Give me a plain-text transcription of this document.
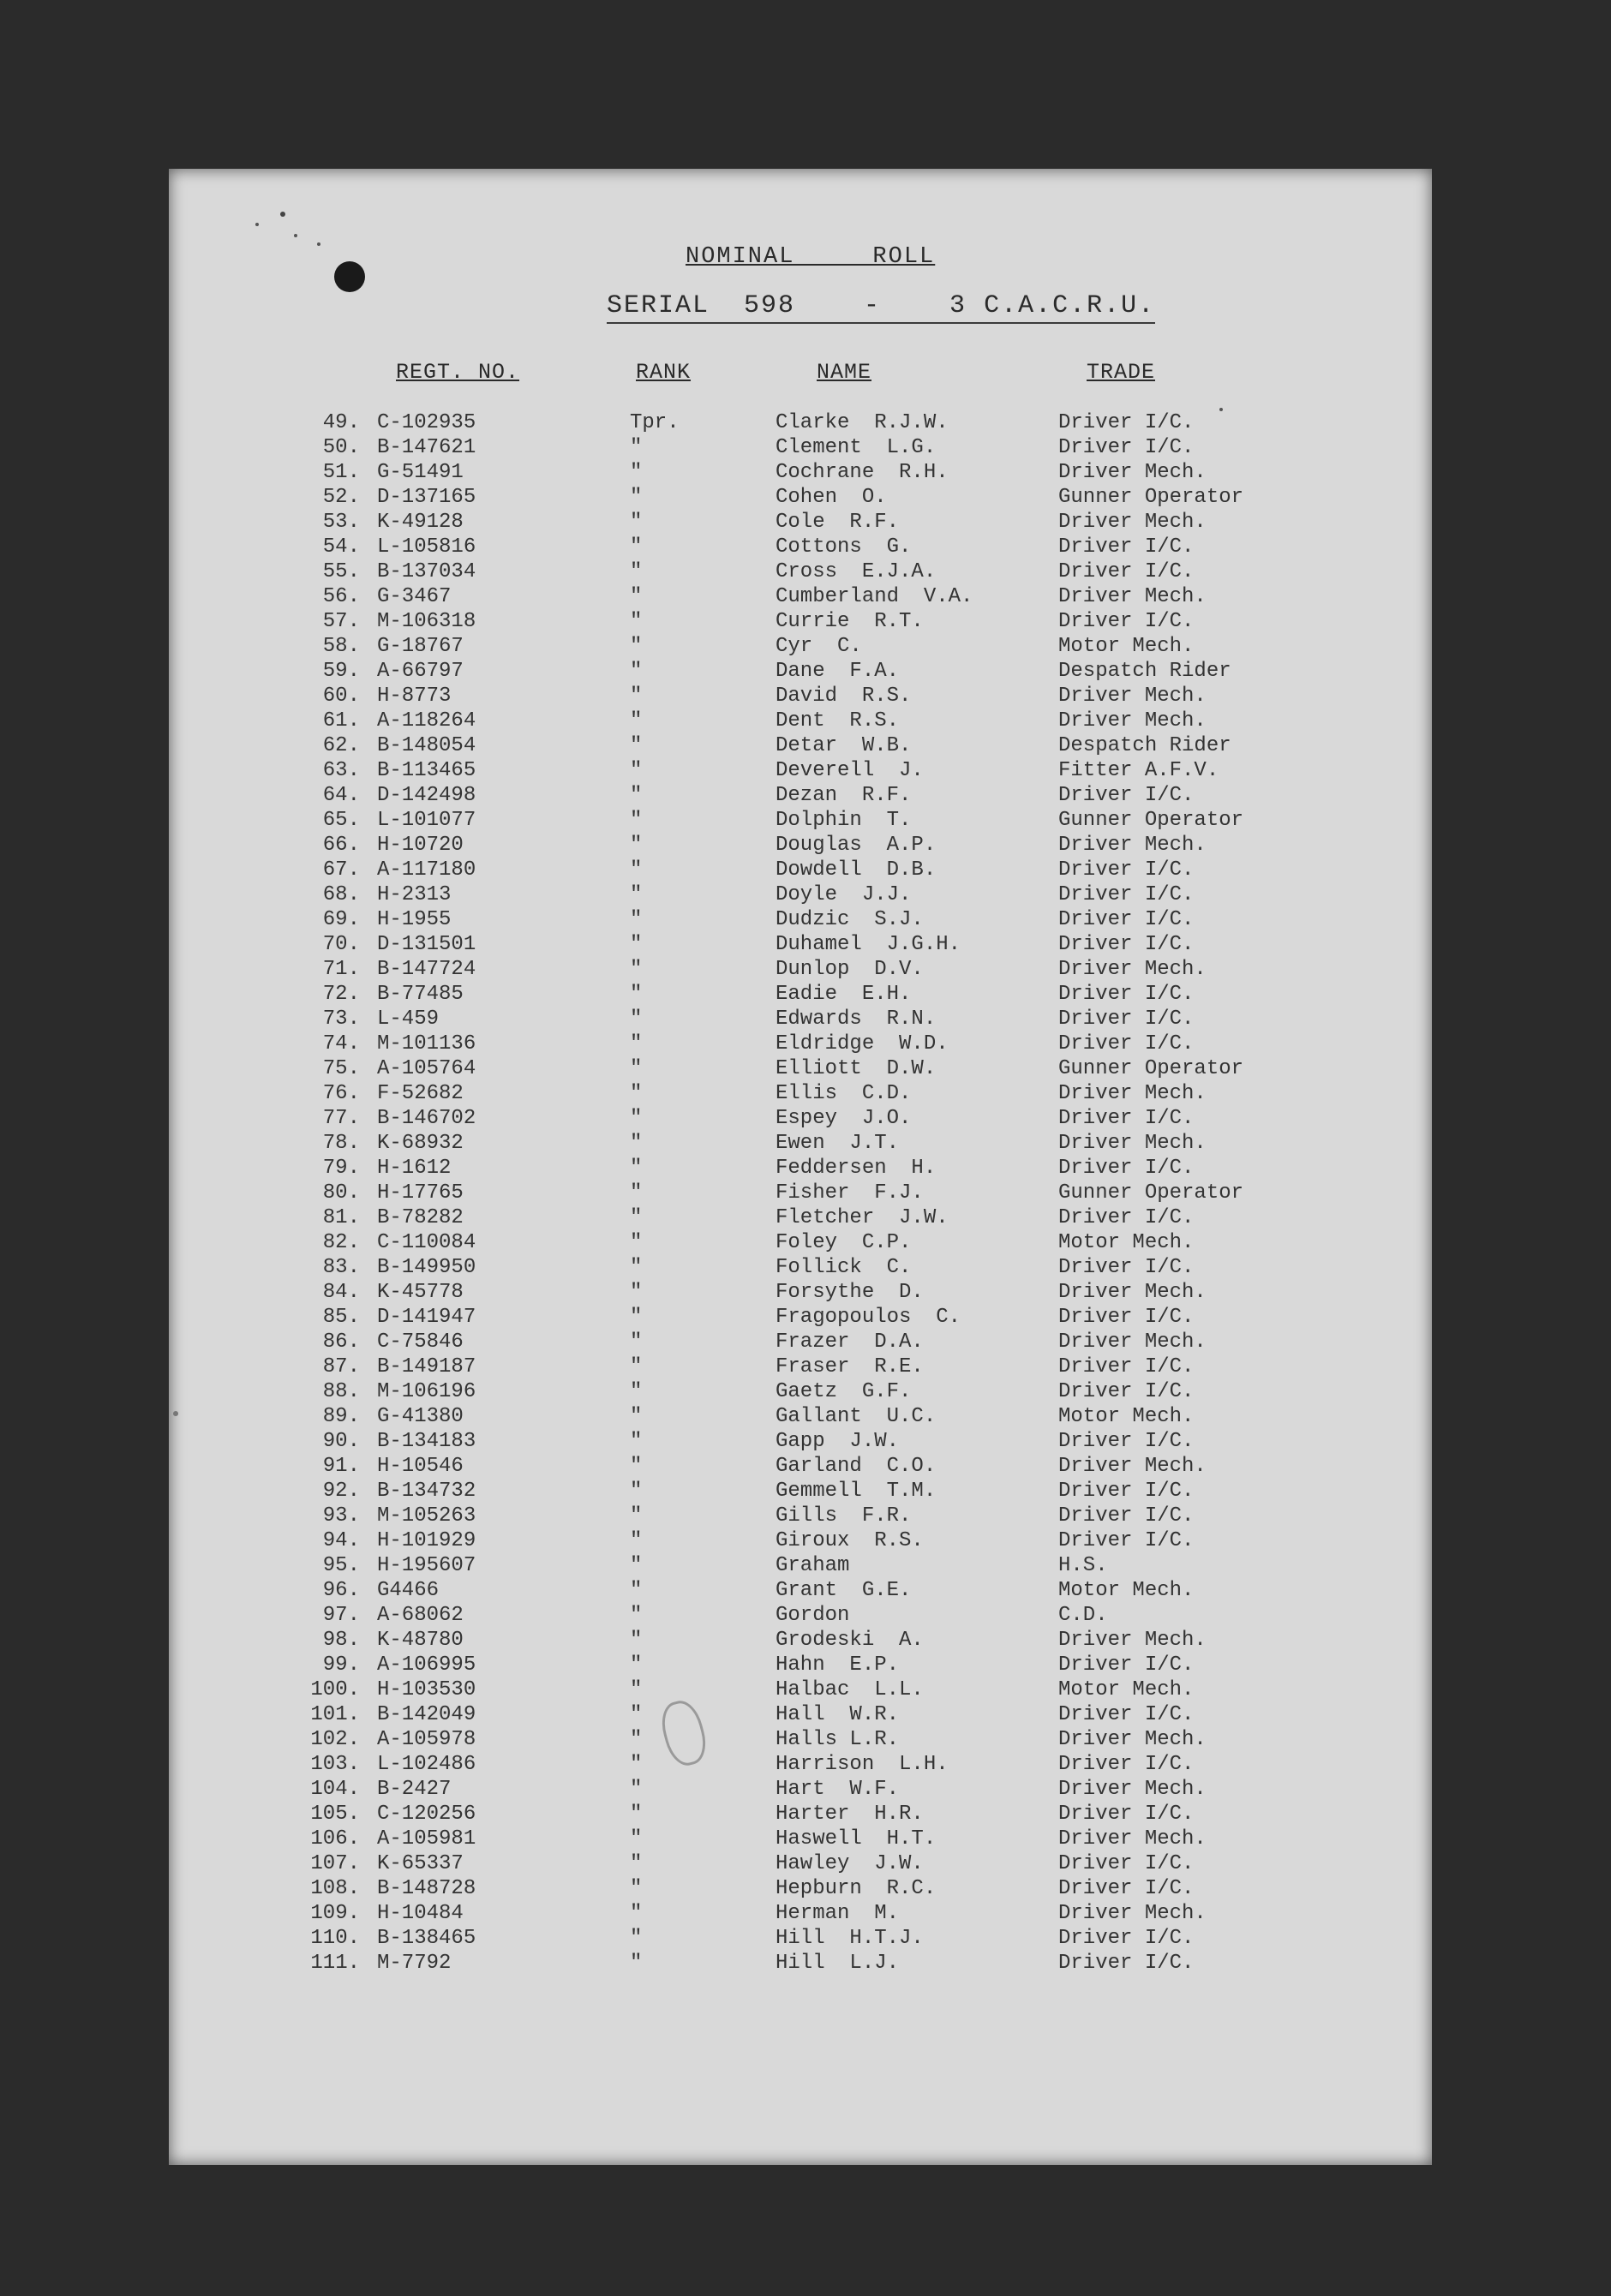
NOMINAL     ROLL
SERIAL  598    -    3 C.A.C.R.U.
REGT. NO.	RANK	NAME	TRADE
49. C-102935	Tpr.	Clarke  R.J.W.	Driver I/C.
50. B-147621	"	Clement  L.G.	Driver I/C.
51. G-51491	"	Cochrane  R.H.	Driver Mech.
52. D-137165	"	Cohen  O.	Gunner Operator
53. K-49128	"	Cole  R.F.	Driver Mech.
54. L-105816	"	Cottons  G.	Driver I/C.
55. B-137034	"	Cross  E.J.A.	Driver I/C.
56. G-3467	"	Cumberland  V.A.	Driver Mech.
57. M-106318	"	Currie  R.T.	Driver I/C.
58. G-18767	"	Cyr  C.	Motor Mech.
59. A-66797	"	Dane  F.A.	Despatch Rider
60. H-8773	"	David  R.S.	Driver Mech.
61. A-118264	"	Dent  R.S.	Driver Mech.
62. B-148054	"	Detar  W.B.	Despatch Rider
63. B-113465	"	Deverell  J.	Fitter A.F.V.
64. D-142498	"	Dezan  R.F.	Driver I/C.
65. L-101077	"	Dolphin  T.	Gunner Operator
66. H-10720	"	Douglas  A.P.	Driver Mech.
67. A-117180	"	Dowdell  D.B.	Driver I/C.
68. H-2313	"	Doyle  J.J.	Driver I/C.
69. H-1955	"	Dudzic  S.J.	Driver I/C.
70. D-131501	"	Duhamel  J.G.H.	Driver I/C.
71. B-147724	"	Dunlop  D.V.	Driver Mech.
72. B-77485	"	Eadie  E.H.	Driver I/C.
73. L-459	"	Edwards  R.N.	Driver I/C.
74. M-101136	"	Eldridge  W.D.	Driver I/C.
75. A-105764	"	Elliott  D.W.	Gunner Operator
76. F-52682	"	Ellis  C.D.	Driver Mech.
77. B-146702	"	Espey  J.O.	Driver I/C.
78. K-68932	"	Ewen  J.T.	Driver Mech.
79. H-1612	"	Feddersen  H.	Driver I/C.
80. H-17765	"	Fisher  F.J.	Gunner Operator
81. B-78282	"	Fletcher  J.W.	Driver I/C.
82. C-110084	"	Foley  C.P.	Motor Mech.
83. B-149950	"	Follick  C.	Driver I/C.
84. K-45778	"	Forsythe  D.	Driver Mech.
85. D-141947	"	Fragopoulos  C.	Driver I/C.
86. C-75846	"	Frazer  D.A.	Driver Mech.
87. B-149187	"	Fraser  R.E.	Driver I/C.
88. M-106196	"	Gaetz  G.F.	Driver I/C.
89. G-41380	"	Gallant  U.C.	Motor Mech.
90. B-134183	"	Gapp  J.W.	Driver I/C.
91. H-10546	"	Garland  C.O.	Driver Mech.
92. B-134732	"	Gemmell  T.M.	Driver I/C.
93. M-105263	"	Gills  F.R.	Driver I/C.
94. H-101929	"	Giroux  R.S.	Driver I/C.
95. H-195607	"	Graham	H.S.
96. G4466	"	Grant  G.E.	Motor Mech.
97. A-68062	"	Gordon	C.D.
98. K-48780	"	Grodeski  A.	Driver Mech.
99. A-106995	"	Hahn  E.P.	Driver I/C.
100. H-103530	"	Halbac  L.L.	Motor Mech.
101. B-142049	"	Hall  W.R.	Driver I/C.
102. A-105978	"	Halls L.R.	Driver Mech.
103. L-102486	"	Harrison  L.H.	Driver I/C.
104. B-2427	"	Hart  W.F.	Driver Mech.
105. C-120256	"	Harter  H.R.	Driver I/C.
106. A-105981	"	Haswell  H.T.	Driver Mech.
107. K-65337	"	Hawley  J.W.	Driver I/C.
108. B-148728	"	Hepburn  R.C.	Driver I/C.
109. H-10484	"	Herman  M.	Driver Mech.
110. B-138465	"	Hill  H.T.J.	Driver I/C.
111. M-7792	"	Hill  L.J.	Driver I/C.
